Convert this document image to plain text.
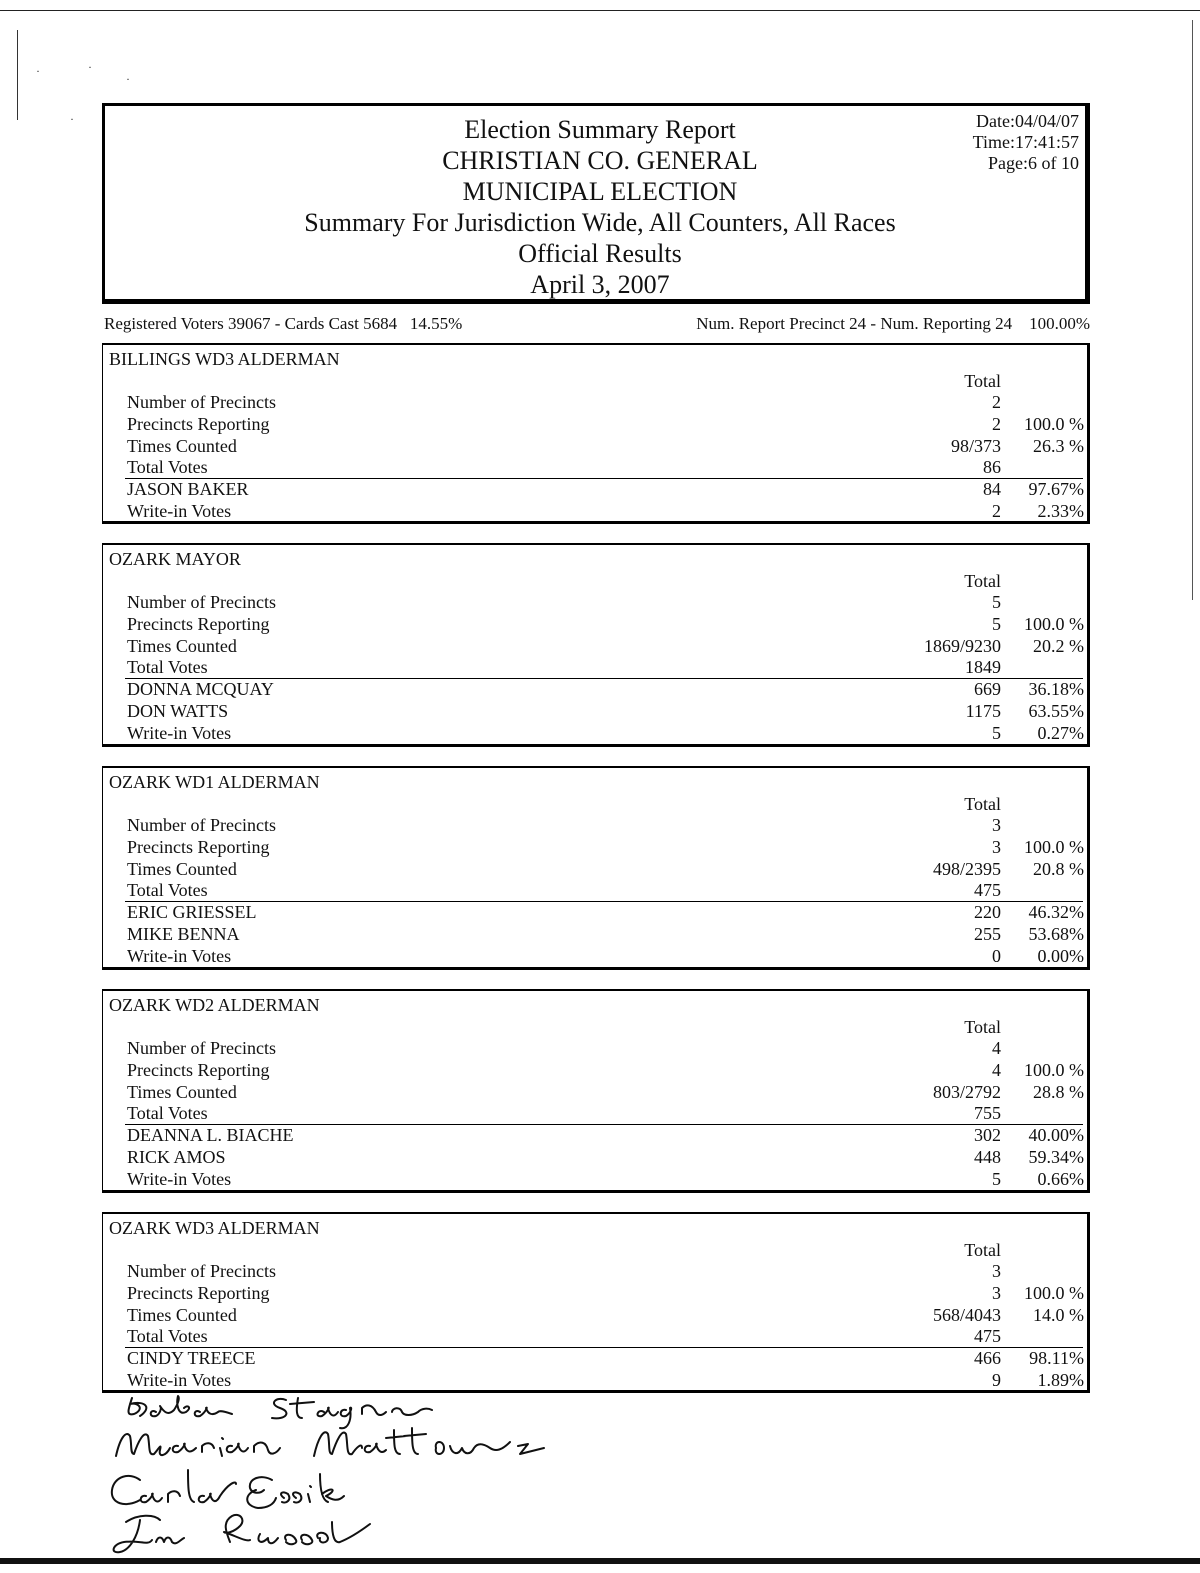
·	·
·
·	Election Summary Report
CHRISTIAN CO. GENERAL
MUNICIPAL ELECTION
Summary For Jurisdiction Wide, All Counters, All Races
Official Results
April 3, 2007
Date:04/04/07
Time:17:41:57
Page:6 of 10
Registered Voters 39067 - Cards Cast 5684   14.55%	Num. Report Precinct 24 - Num. Reporting 24    100.00%
BILLINGS WD3 ALDERMAN
Total
Number of Precincts	2
Precincts Reporting	2 100.0 %
Times Counted	98/373 26.3 %
Total Votes	86
JASON BAKER	84 97.67%
Write-in Votes	2 2.33%
OZARK MAYOR
Total
Number of Precincts	5
Precincts Reporting	5 100.0 %
Times Counted	1869/9230 20.2 %
Total Votes	1849
DONNA MCQUAY	669 36.18%
DON WATTS	1175 63.55%
Write-in Votes	5 0.27%
OZARK WD1 ALDERMAN
Total
Number of Precincts	3
Precincts Reporting	3 100.0 %
Times Counted	498/2395 20.8 %
Total Votes	475
ERIC GRIESSEL	220 46.32%
MIKE BENNA	255 53.68%
Write-in Votes	0 0.00%
OZARK WD2 ALDERMAN
Total
Number of Precincts	4
Precincts Reporting	4 100.0 %
Times Counted	803/2792 28.8 %
Total Votes	755
DEANNA L. BIACHE	302 40.00%
RICK AMOS	448 59.34%
Write-in Votes	5 0.66%
OZARK WD3 ALDERMAN
Total
Number of Precincts	3
Precincts Reporting	3 100.0 %
Times Counted	568/4043 14.0 %
Total Votes	475
CINDY TREECE	466 98.11%
Write-in Votes	9 1.89%
